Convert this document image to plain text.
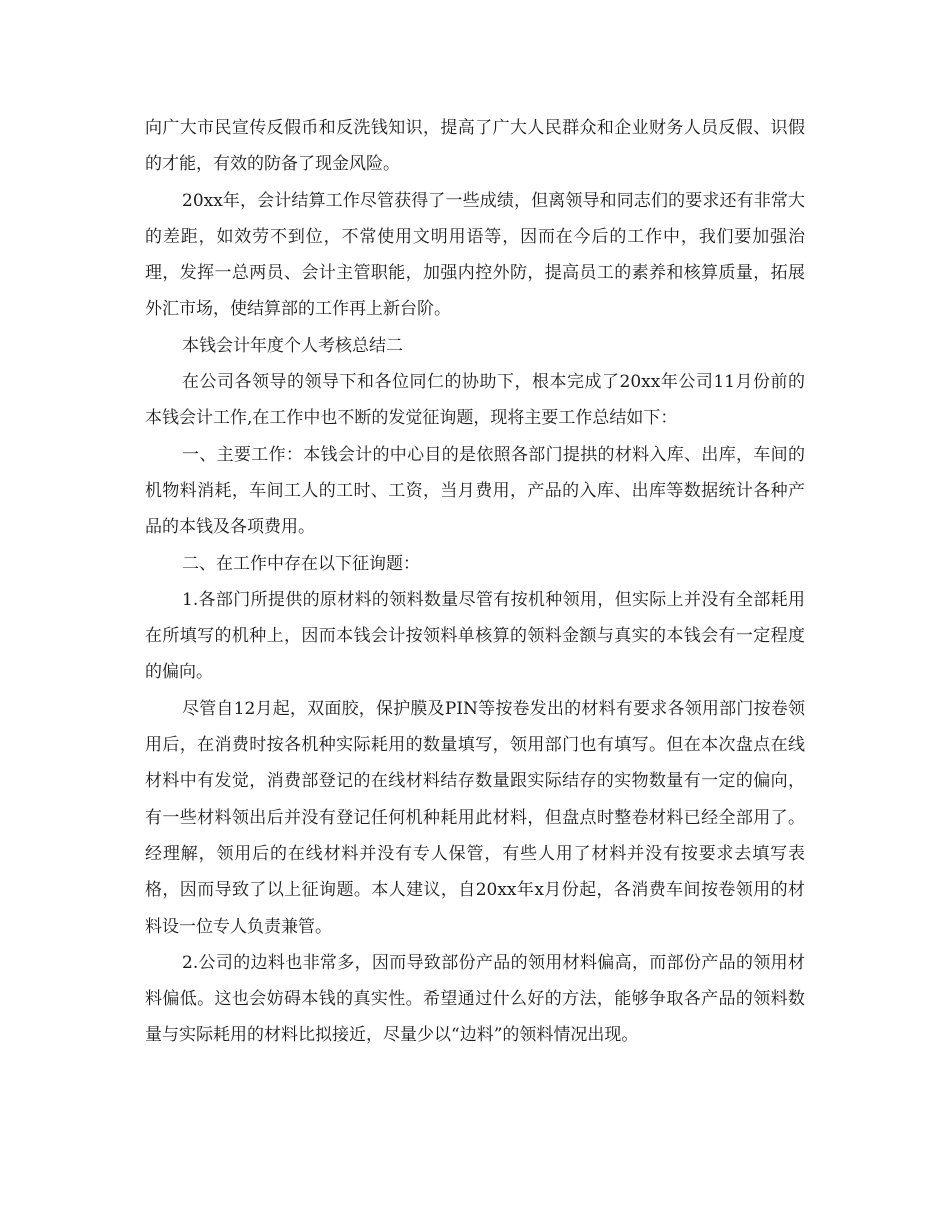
向广大市民宣传反假币和反洗钱知识，提高了广大人民群众和企业财务人员反假、识假的才能，有效的防备了现金风险。

20xx年，会计结算工作尽管获得了一些成绩，但离领导和同志们的要求还有非常大的差距，如效劳不到位，不常使用文明用语等，因而在今后的工作中，我们要加强治理，发挥一总两员、会计主管职能，加强内控外防，提高员工的素养和核算质量，拓展外汇市场，使结算部的工作再上新台阶。

本钱会计年度个人考核总结二

在公司各领导的领导下和各位同仁的协助下，根本完成了20xx年公司11月份前的本钱会计工作,在工作中也不断的发觉征询题，现将主要工作总结如下：

一、主要工作：本钱会计的中心目的是依照各部门提拱的材料入库、出库，车间的机物料消耗，车间工人的工时、工资，当月费用，产品的入库、出库等数据统计各种产品的本钱及各项费用。

二、在工作中存在以下征询题：

1.各部门所提供的原材料的领料数量尽管有按机种领用，但实际上并没有全部耗用在所填写的机种上，因而本钱会计按领料单核算的领料金额与真实的本钱会有一定程度的偏向。

尽管自12月起，双面胶，保护膜及PIN等按卷发出的材料有要求各领用部门按卷领用后，在消费时按各机种实际耗用的数量填写，领用部门也有填写。但在本次盘点在线材料中有发觉，消费部登记的在线材料结存数量跟实际结存的实物数量有一定的偏向，有一些材料领出后并没有登记任何机种耗用此材料，但盘点时整卷材料已经全部用了。经理解，领用后的在线材料并没有专人保管，有些人用了材料并没有按要求去填写表格，因而导致了以上征询题。本人建议，自20xx年x月份起，各消费车间按卷领用的材料设一位专人负责兼管。

2.公司的边料也非常多，因而导致部份产品的领用材料偏高，而部份产品的领用材料偏低。这也会妨碍本钱的真实性。希望通过什么好的方法，能够争取各产品的领料数量与实际耗用的材料比拟接近，尽量少以“边料”的领料情况出现。
